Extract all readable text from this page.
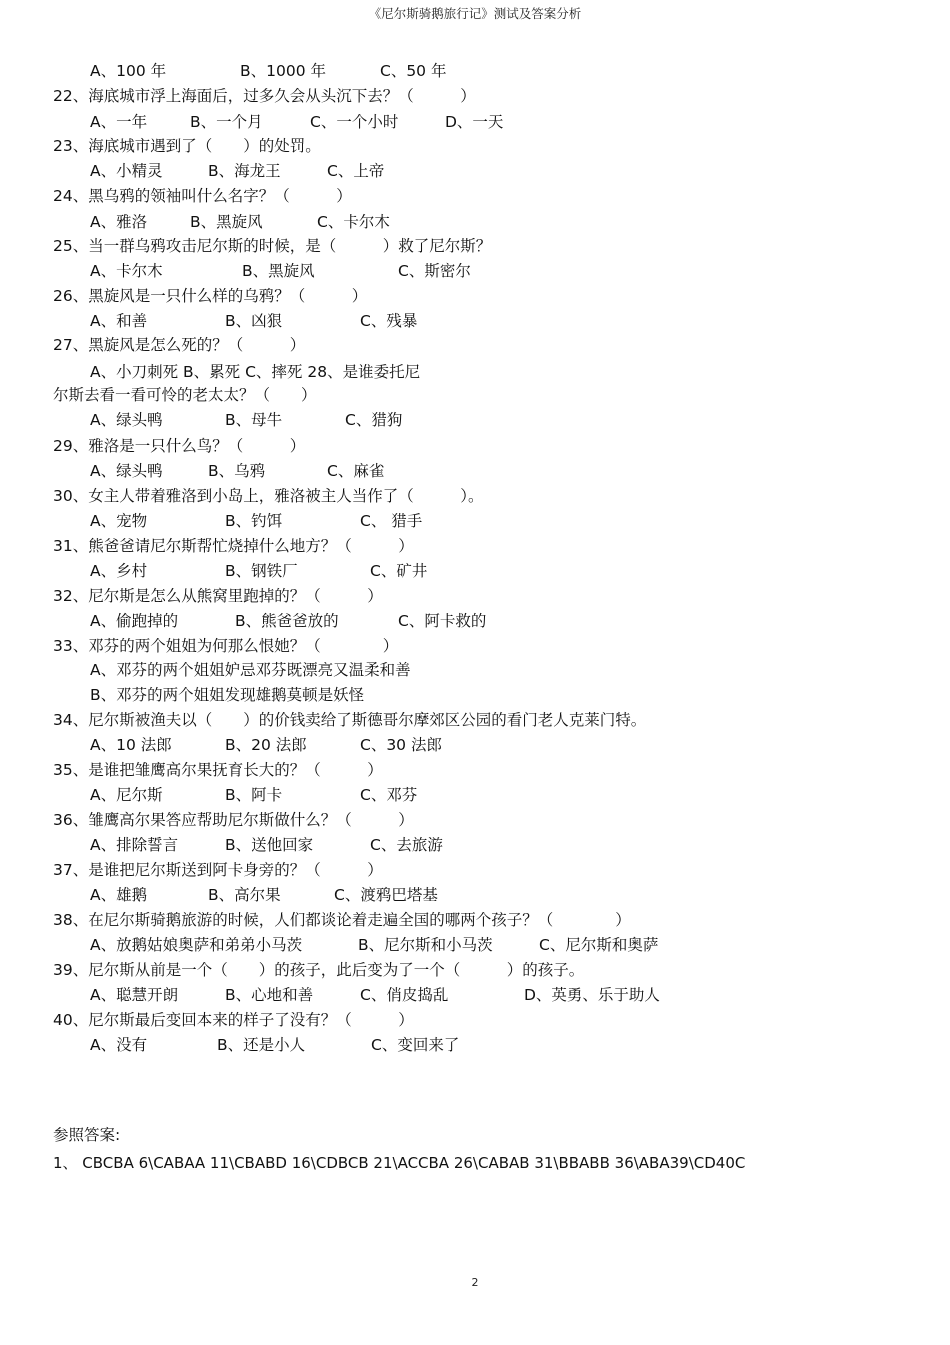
《尼尔斯骑鹅旅行记》测试及答案分析
A、100 年	B、1000 年	C、50 年
22、海底城市浮上海面后，过多久会从头沉下去？（　　　）
A、一年	B、一个月	C、一个小时	D、一天
23、海底城市遇到了（　　）的处罚。
A、小精灵	B、海龙王	C、上帝
24、黑乌鸦的领袖叫什么名字？（　　　）
A、雅洛	B、黑旋风	C、卡尔木
25、当一群乌鸦攻击尼尔斯的时候，是（　　　）救了尼尔斯？
A、卡尔木	B、黑旋风	C、斯密尔
26、黑旋风是一只什么样的乌鸦？（　　　）
A、和善	B、凶狠	C、残暴
27、黑旋风是怎么死的？（　　　）
A、小刀刺死 B、累死 C、摔死 28、是谁委托尼
尔斯去看一看可怜的老太太？（　　）
A、绿头鸭	B、母牛	C、猎狗
29、雅洛是一只什么鸟？（　　　）
A、绿头鸭	B、乌鸦	C、麻雀
30、女主人带着雅洛到小岛上，雅洛被主人当作了（　　　）。
A、宠物	B、钓饵	C、 猎手
31、熊爸爸请尼尔斯帮忙烧掉什么地方？（　　　）
A、乡村	B、钢铁厂	C、矿井
32、尼尔斯是怎么从熊窝里跑掉的？（　　　）
A、偷跑掉的	B、熊爸爸放的	C、阿卡救的
33、邓芬的两个姐姐为何那么恨她？（　　　　）
A、邓芬的两个姐姐妒忌邓芬既漂亮又温柔和善
B、邓芬的两个姐姐发现雄鹅莫顿是妖怪
34、尼尔斯被渔夫以（　　）的价钱卖给了斯德哥尔摩郊区公园的看门老人克莱门特。
A、10 法郎	B、20 法郎	C、30 法郎
35、是谁把雏鹰高尔果抚育长大的？（　　　）
A、尼尔斯	B、阿卡	C、邓芬
36、雏鹰高尔果答应帮助尼尔斯做什么？（　　　）
A、排除誓言	B、送他回家	C、去旅游
37、是谁把尼尔斯送到阿卡身旁的？（　　　）
A、雄鹅	B、高尔果	C、渡鸦巴塔基
38、在尼尔斯骑鹅旅游的时候，人们都谈论着走遍全国的哪两个孩子？（　　　　）
A、放鹅姑娘奥萨和弟弟小马茨	B、尼尔斯和小马茨	C、尼尔斯和奥萨
39、尼尔斯从前是一个（　　）的孩子，此后变为了一个（　　　）的孩子。
A、聪慧开朗	B、心地和善	C、俏皮捣乱	D、英勇、乐于助人
40、尼尔斯最后变回本来的样子了没有？（　　　）
A、没有	B、还是小人	C、变回来了
参照答案:
1、 CBCBA 6\CABAA 11\CBABD 16\CDBCB 21\ACCBA 26\CABAB 31\BBABB 36\ABA39\CD40C
2
